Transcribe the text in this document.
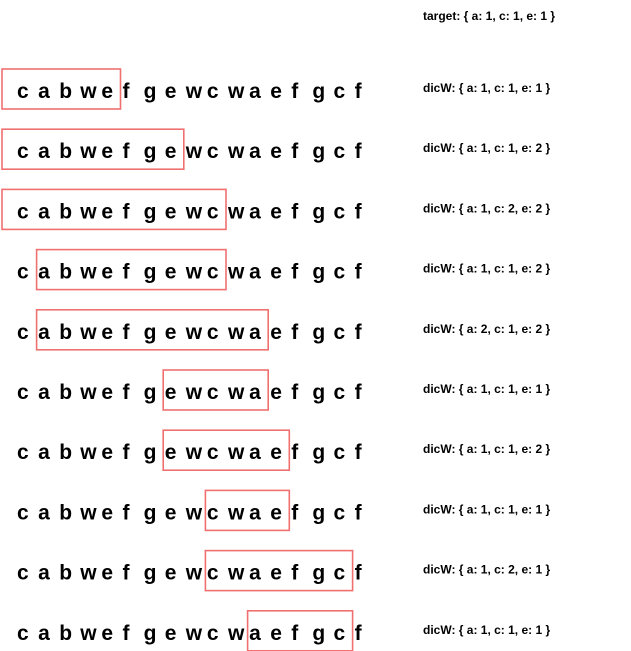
target: { a: 1, c: 1, e: 1 }
c a b w e f g e w c w a e f g c f	dicW: { a: 1, c: 1, e: 1 }
c a b w e f g e w c w a e f g c f	dicW: { a: 1, c: 1, e: 2 }
c a b w e f g e w c w a e f g c f	dicW: { a: 1, c: 2, e: 2 }
c a b w e f g e w c w a e f g c f	dicW: { a: 1, c: 1, e: 2 }
c a b w e f g e w c w a e f g c f	dicW: { a: 2, c: 1, e: 2 }
c a b w e f g e w c w a e f g c f	dicW: { a: 1, c: 1, e: 1 }
c a b w e f g e w c w a e f g c f	dicW: { a: 1, c: 1, e: 2 }
c a b w e f g e w c w a e f g c f	dicW: { a: 1, c: 1, e: 1 }
c a b w e f g e w c w a e f g c f	dicW: { a: 1, c: 2, e: 1 }
c a b w e f g e w c w a e f g c f	dicW: { a: 1, c: 1, e: 1 }
